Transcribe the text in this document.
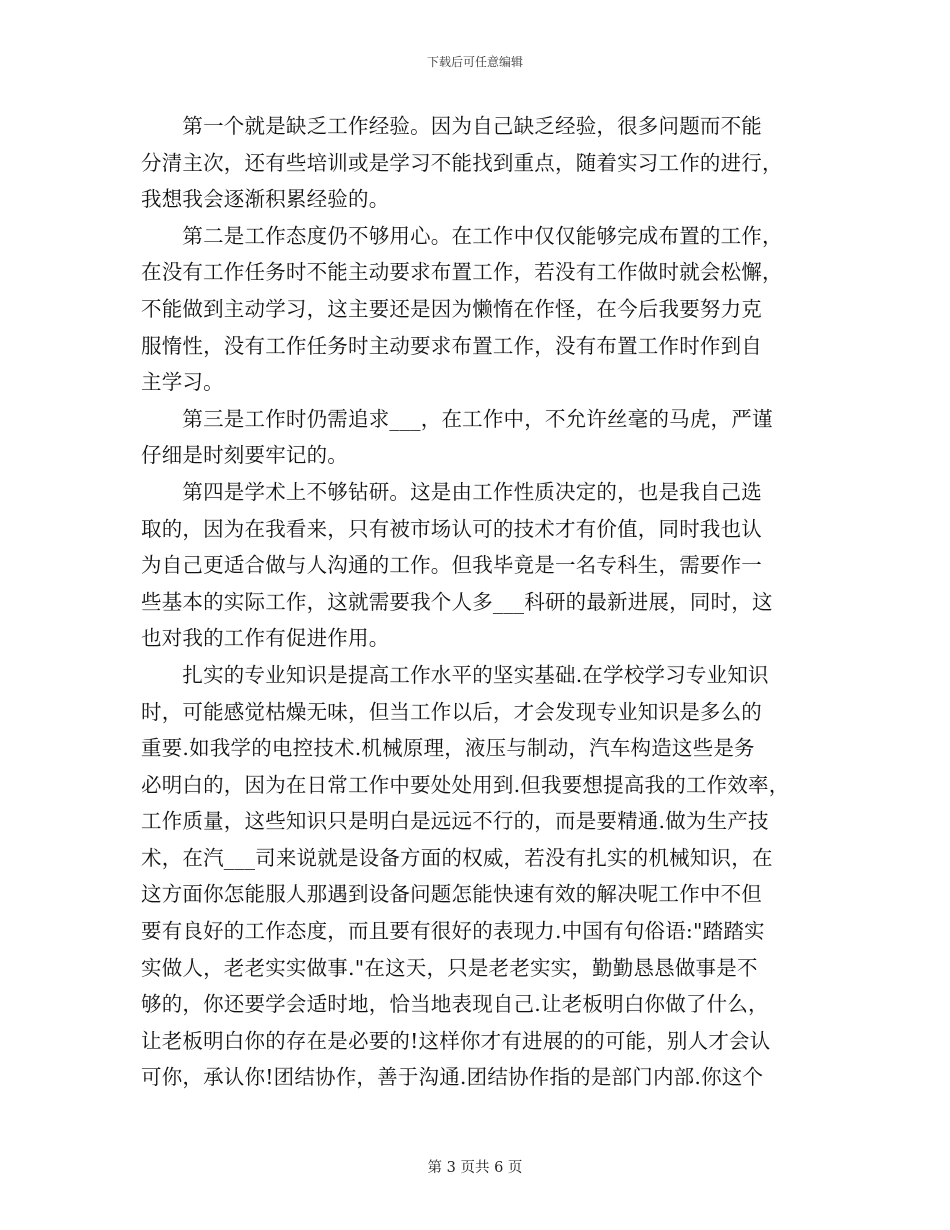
下载后可任意编辑
　　第一个就是缺乏工作经验。因为自己缺乏经验，很多问题而不能
分清主次，还有些培训或是学习不能找到重点，随着实习工作的进行，
我想我会逐渐积累经验的。
　　第二是工作态度仍不够用心。在工作中仅仅能够完成布置的工作，
在没有工作任务时不能主动要求布置工作，若没有工作做时就会松懈，
不能做到主动学习，这主要还是因为懒惰在作怪，在今后我要努力克
服惰性，没有工作任务时主动要求布置工作，没有布置工作时作到自
主学习。
　　第三是工作时仍需追求___，在工作中，不允许丝毫的马虎，严谨
仔细是时刻要牢记的。
　　第四是学术上不够钻研。这是由工作性质决定的，也是我自己选
取的，因为在我看来，只有被市场认可的技术才有价值，同时我也认
为自己更适合做与人沟通的工作。但我毕竟是一名专科生，需要作一
些基本的实际工作，这就需要我个人多___科研的最新进展，同时，这
也对我的工作有促进作用。
　　扎实的专业知识是提高工作水平的坚实基础.在学校学习专业知识
时，可能感觉枯燥无味，但当工作以后，才会发现专业知识是多么的
重要.如我学的电控技术.机械原理，液压与制动，汽车构造这些是务
必明白的，因为在日常工作中要处处用到.但我要想提高我的工作效率，
工作质量，这些知识只是明白是远远不行的，而是要精通.做为生产技
术，在汽___司来说就是设备方面的权威，若没有扎实的机械知识，在
这方面你怎能服人那遇到设备问题怎能快速有效的解决呢工作中不但
要有良好的工作态度，而且要有很好的表现力.中国有句俗语:"踏踏实
实做人，老老实实做事."在这天，只是老老实实，勤勤恳恳做事是不
够的，你还要学会适时地，恰当地表现自己.让老板明白你做了什么，
让老板明白你的存在是必要的!这样你才有进展的的可能，别人才会认
可你，承认你!团结协作，善于沟通.团结协作指的是部门内部.你这个
第 3 页共 6 页
